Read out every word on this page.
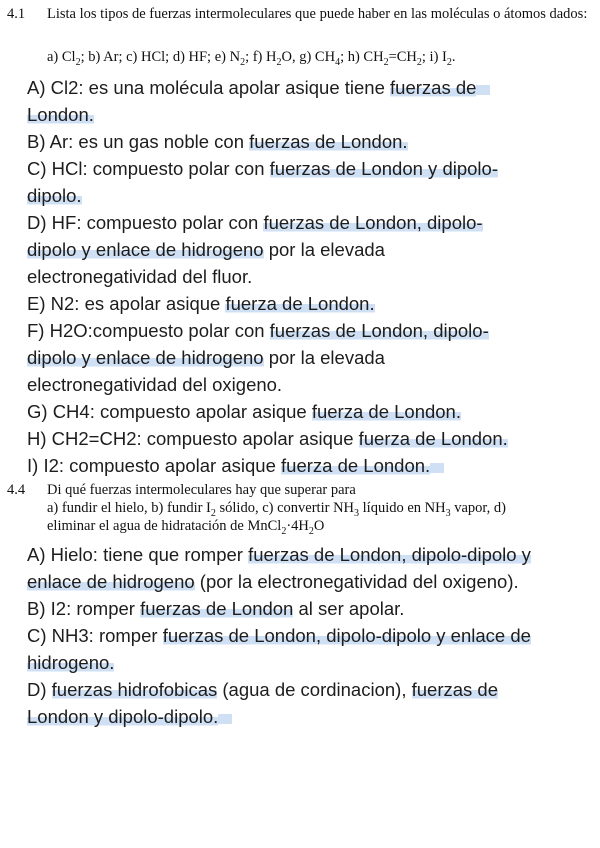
4.1 Lista los tipos de fuerzas intermoleculares que puede haber en las moléculas o átomos dados:
a) $Cl_2$; b) Ar; c) HCl; d) HF; e) $N_2$; f) $H_2O$, g) $CH_4$; h) $CH_2=CH_2$; i) $I_2$.
A) Cl2: es una molécula apolar asique tiene fuerzas de
London.
B) Ar: es un gas noble con fuerzas de London.
C) HCl: compuesto polar con fuerzas de London y dipolo-
dipolo.
D) HF: compuesto polar con fuerzas de London, dipolo-
dipolo y enlace de hidrogeno por la elevada
electronegatividad del fluor.
E) N2: es apolar asique fuerza de London.
F) H2O:compuesto polar con fuerzas de London, dipolo-
dipolo y enlace de hidrogeno por la elevada
electronegatividad del oxigeno.
G) CH4: compuesto apolar asique fuerza de London.
H) CH2=CH2: compuesto apolar asique fuerza de London.
I) I2: compuesto apolar asique fuerza de London.
4.4 Di qué fuerzas intermoleculares hay que superar para
a) fundir el hielo, b) fundir $I_2$ sólido, c) convertir $NH_3$ líquido en $NH_3$ vapor, d)
eliminar el agua de hidratación de $MnCl_2\cdot 4H_2O$
A) Hielo: tiene que romper fuerzas de London, dipolo-dipolo y
enlace de hidrogeno (por la electronegatividad del oxigeno).
B) I2: romper fuerzas de London al ser apolar.
C) NH3: romper fuerzas de London, dipolo-dipolo y enlace de
hidrogeno.
D) fuerzas hidrofobicas (agua de cordinacion), fuerzas de
London y dipolo-dipolo.
